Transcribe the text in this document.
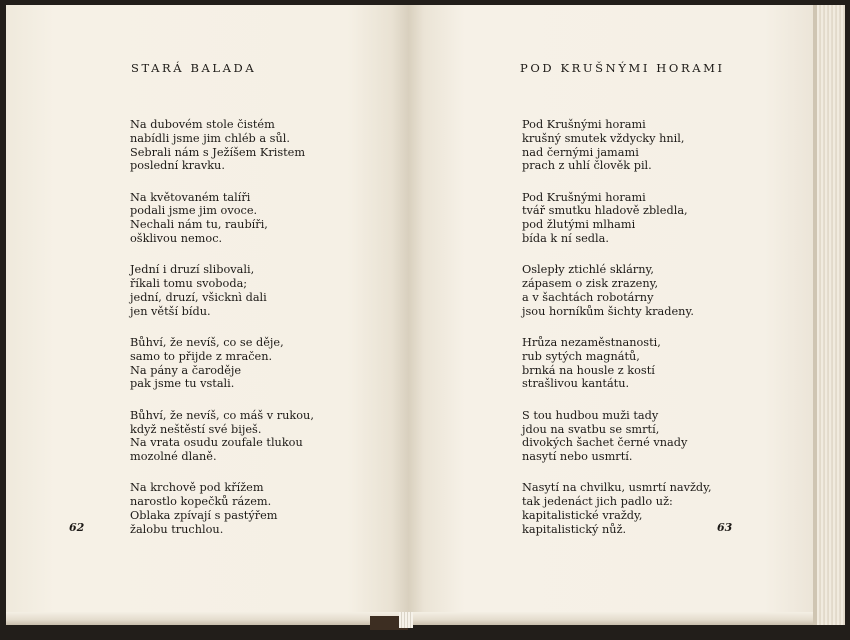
STARÁ BALADA

Na dubovém stole čistém
nabídli jsme jim chléb a sůl.
Sebrali nám s Ježíšem Kristem
poslední kravku.

Na květovaném talíři
podali jsme jim ovoce.
Nechali nám tu, raubíři,
ošklivou nemoc.

Jední i druzí slibovali,
říkali tomu svoboda;
jední, druzí, všicknì dali
jen větší bídu.

Bůhví, že nevíš, co se děje,
samo to přijde z mračen.
Na pány a čaroděje
pak jsme tu vstali.

Bůhví, že nevíš, co máš v rukou,
když neštěstí své biješ.
Na vrata osudu zoufale tlukou
mozolné dlaně.

Na krchově pod křížem
narostlo kopečků rázem.
Oblaka zpívají s pastýřem
žalobu truchlou.

62
POD KRUŠNÝMI HORAMI

Pod Krušnými horami
krušný smutek vždycky hnil,
nad černými jamami
prach z uhlí člověk pil.

Pod Krušnými horami
tvář smutku hladově zbledla,
pod žlutými mlhami
bída k ní sedla.

Oslepły ztichlé sklárny,
zápasem o zisk zrazeny,
a v šachtách robotárny
jsou horníkům šichty kradeny.

Hrůza nezaměstnanosti,
rub sytých magnátů,
brnká na housle z kostí
strašlivou kantátu.

S tou hudbou muži tady
jdou na svatbu se smrtí,
divokých šachet černé vnady
nasytí nebo usmrtí.

Nasytí na chvilku, usmrtí navždy,
tak jedenáct jich padlo už:
kapitalistické vraždy,
kapitalistický nůž.	63
